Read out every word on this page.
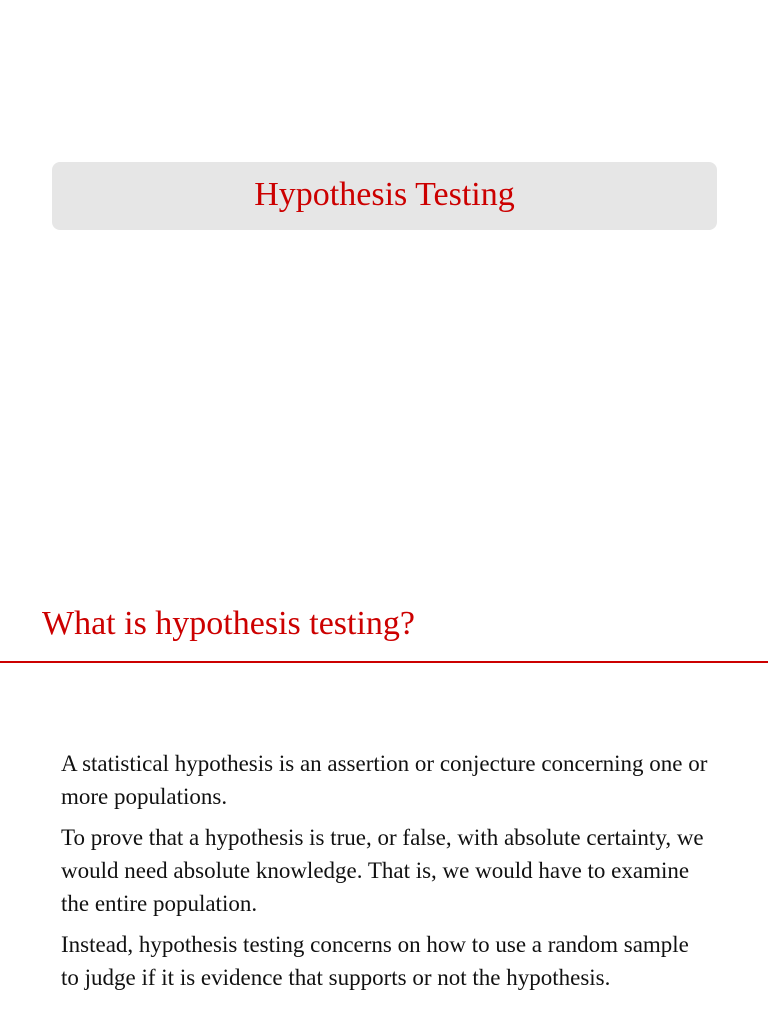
Hypothesis Testing
What is hypothesis testing?

A statistical hypothesis is an assertion or conjecture concerning one or more populations.

To prove that a hypothesis is true, or false, with absolute certainty, we would need absolute knowledge. That is, we would have to examine the entire population.

Instead, hypothesis testing concerns on how to use a random sample to judge if it is evidence that supports or not the hypothesis.
